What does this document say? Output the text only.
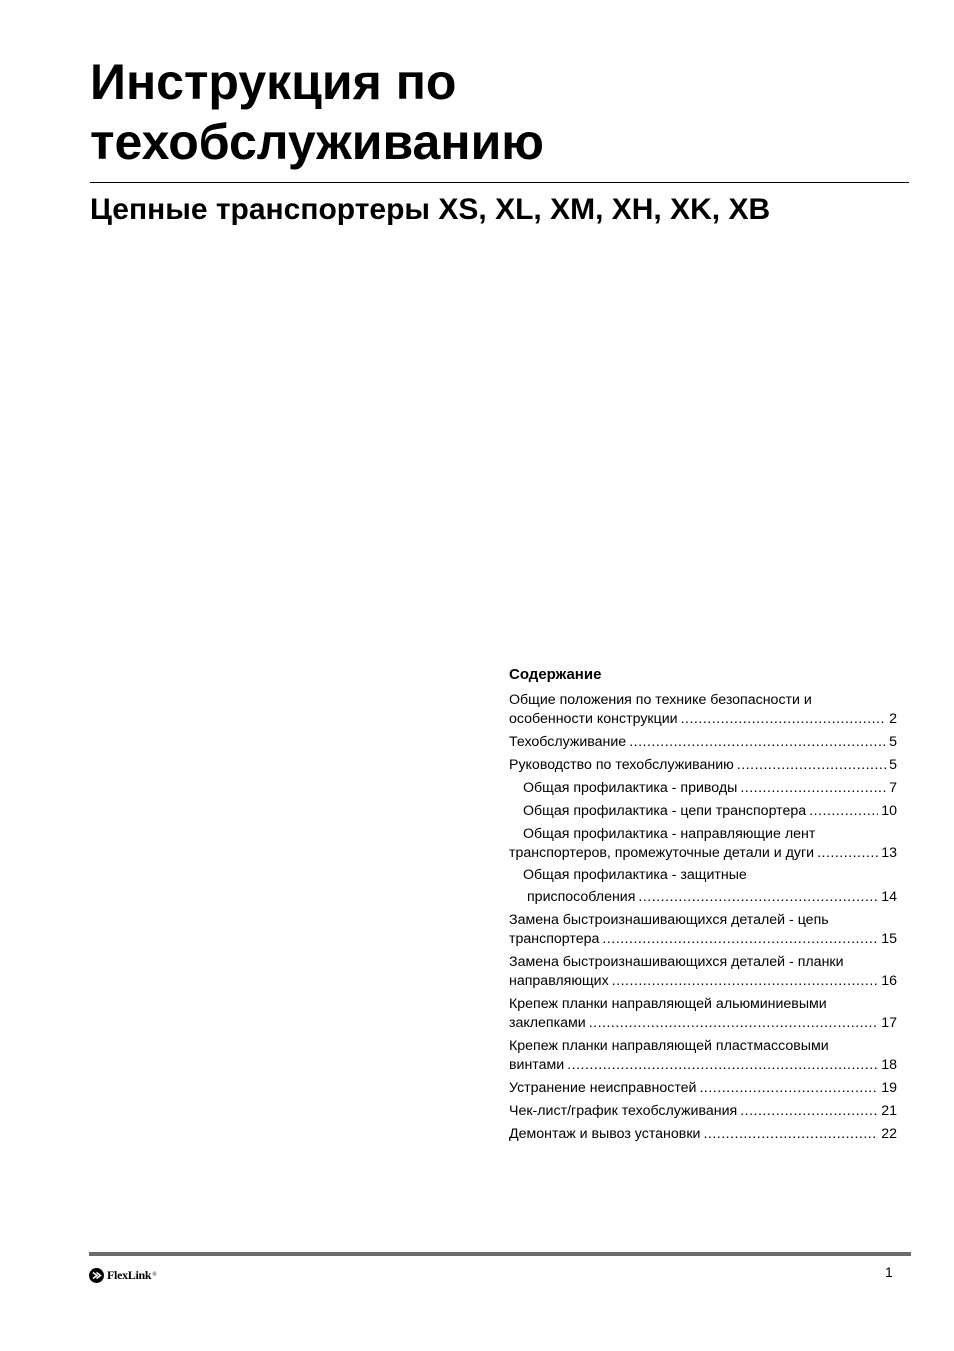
Инструкция по
техобслуживанию
Цепные транспортеры XS, XL, XM, XH, XK, XB
Содержание
Общие положения по технике безопасности и
особенности конструкции .....	2
Техобслуживание .....	5
Руководство по техобслуживанию .....	5
Общая профилактика - приводы .....	7
Общая профилактика - цепи транспортера .....	10
Общая профилактика - направляющие лент
транспортеров, промежуточные детали и дуги .....	13
Общая профилактика - защитные
приспособления .....	14
Замена быстроизнашивающихся деталей - цепь
транспортера .....	15
Замена быстроизнашивающихся деталей - планки
направляющих .....	16
Крепеж планки направляющей альюминиевыми
заклепками .....	17
Крепеж планки направляющей пластмассовыми
винтами .....	18
Устранение неисправностей .....	19
Чек-лист/график техобслуживания .....	21
Демонтаж и вывоз установки .....	22
FlexLink ®	1
